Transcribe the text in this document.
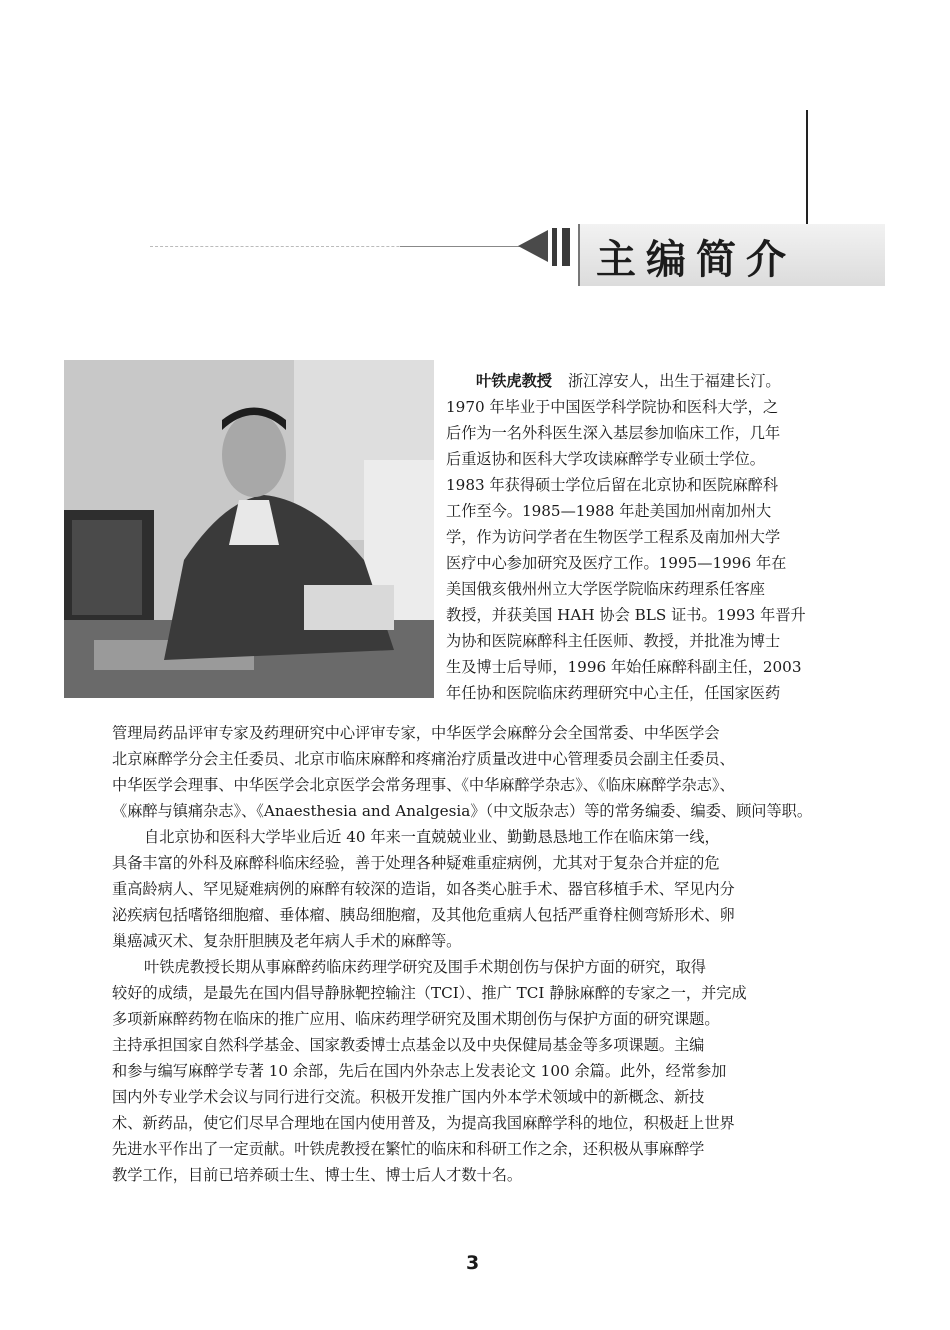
主编简介
叶铁虎教授 浙江淳安人，出生于福建长汀。
1970 年毕业于中国医学科学院协和医科大学，之
后作为一名外科医生深入基层参加临床工作，几年
后重返协和医科大学攻读麻醉学专业硕士学位。
1983 年获得硕士学位后留在北京协和医院麻醉科
工作至今。1985—1988 年赴美国加州南加州大
学，作为访问学者在生物医学工程系及南加州大学
医疗中心参加研究及医疗工作。1995—1996 年在
美国俄亥俄州州立大学医学院临床药理系任客座
教授，并获美国 HAH 协会 BLS 证书。1993 年晋升
为协和医院麻醉科主任医师、教授，并批准为博士
生及博士后导师，1996 年始任麻醉科副主任，2003
年任协和医院临床药理研究中心主任，任国家医药
管理局药品评审专家及药理研究中心评审专家，中华医学会麻醉分会全国常委、中华医学会
北京麻醉学分会主任委员、北京市临床麻醉和疼痛治疗质量改进中心管理委员会副主任委员、
中华医学会理事、中华医学会北京医学会常务理事、《中华麻醉学杂志》、《临床麻醉学杂志》、
《麻醉与镇痛杂志》、《Anaesthesia and Analgesia》（中文版杂志）等的常务编委、编委、顾问等职。
自北京协和医科大学毕业后近 40 年来一直兢兢业业、勤勤恳恳地工作在临床第一线，
具备丰富的外科及麻醉科临床经验，善于处理各种疑难重症病例，尤其对于复杂合并症的危
重高龄病人、罕见疑难病例的麻醉有较深的造诣，如各类心脏手术、器官移植手术、罕见内分
泌疾病包括嗜铬细胞瘤、垂体瘤、胰岛细胞瘤，及其他危重病人包括严重脊柱侧弯矫形术、卵
巢癌减灭术、复杂肝胆胰及老年病人手术的麻醉等。
叶铁虎教授长期从事麻醉药临床药理学研究及围手术期创伤与保护方面的研究，取得
较好的成绩，是最先在国内倡导静脉靶控输注（TCI）、推广 TCI 静脉麻醉的专家之一，并完成
多项新麻醉药物在临床的推广应用、临床药理学研究及围术期创伤与保护方面的研究课题。
主持承担国家自然科学基金、国家教委博士点基金以及中央保健局基金等多项课题。主编
和参与编写麻醉学专著 10 余部，先后在国内外杂志上发表论文 100 余篇。此外，经常参加
国内外专业学术会议与同行进行交流。积极开发推广国内外本学术领域中的新概念、新技
术、新药品，使它们尽早合理地在国内使用普及，为提高我国麻醉学科的地位，积极赶上世界
先进水平作出了一定贡献。叶铁虎教授在繁忙的临床和科研工作之余，还积极从事麻醉学
教学工作，目前已培养硕士生、博士生、博士后人才数十名。
3
